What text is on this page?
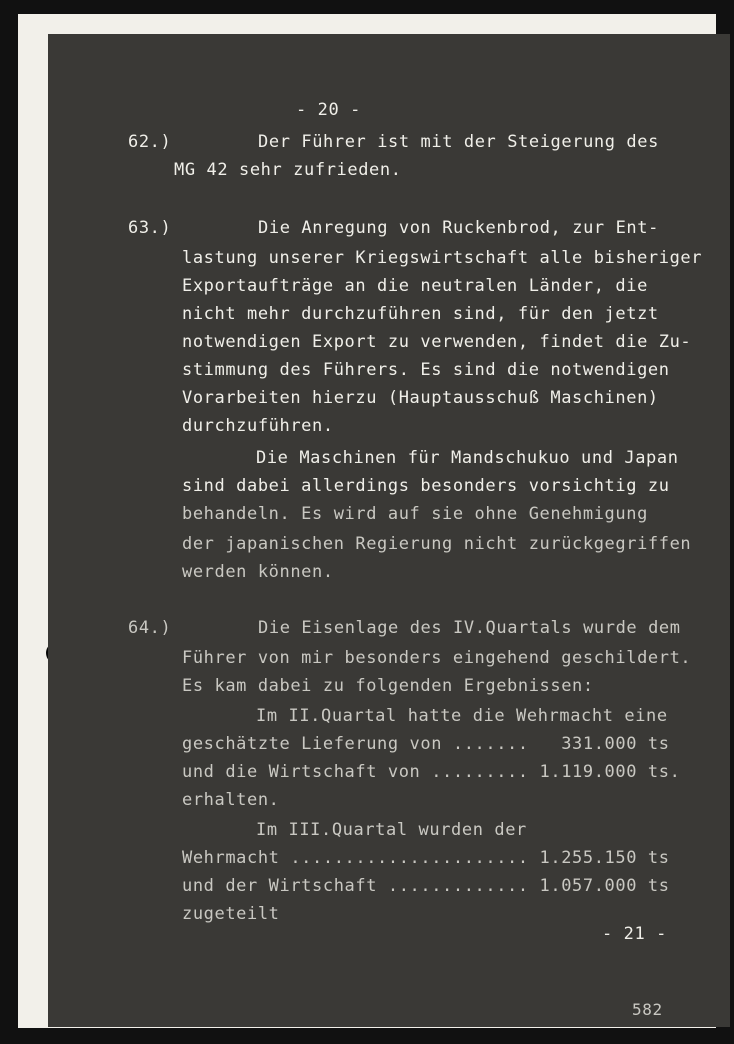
- 20 -
62.)        Der Führer ist mit der Steigerung des
MG 42 sehr zufrieden.
63.)        Die Anregung von Ruckenbrod, zur Ent-
lastung unserer Kriegswirtschaft alle bisheriger
Exportaufträge an die neutralen Länder, die
nicht mehr durchzuführen sind, für den jetzt
notwendigen Export zu verwenden, findet die Zu-
stimmung des Führers. Es sind die notwendigen
Vorarbeiten hierzu (Hauptausschuß Maschinen)
durchzuführen.
Die Maschinen für Mandschukuo und Japan
sind dabei allerdings besonders vorsichtig zu
behandeln. Es wird auf sie ohne Genehmigung
der japanischen Regierung nicht zurückgegriffen
werden können.
64.)        Die Eisenlage des IV.Quartals wurde dem
Führer von mir besonders eingehend geschildert.
Es kam dabei zu folgenden Ergebnissen:
Im II.Quartal hatte die Wehrmacht eine
geschätzte Lieferung von .......   331.000 ts
und die Wirtschaft von ......... 1.119.000 ts.
erhalten.
Im III.Quartal wurden der
Wehrmacht ...................... 1.255.150 ts
und der Wirtschaft ............. 1.057.000 ts
zugeteilt
- 21 -
582
